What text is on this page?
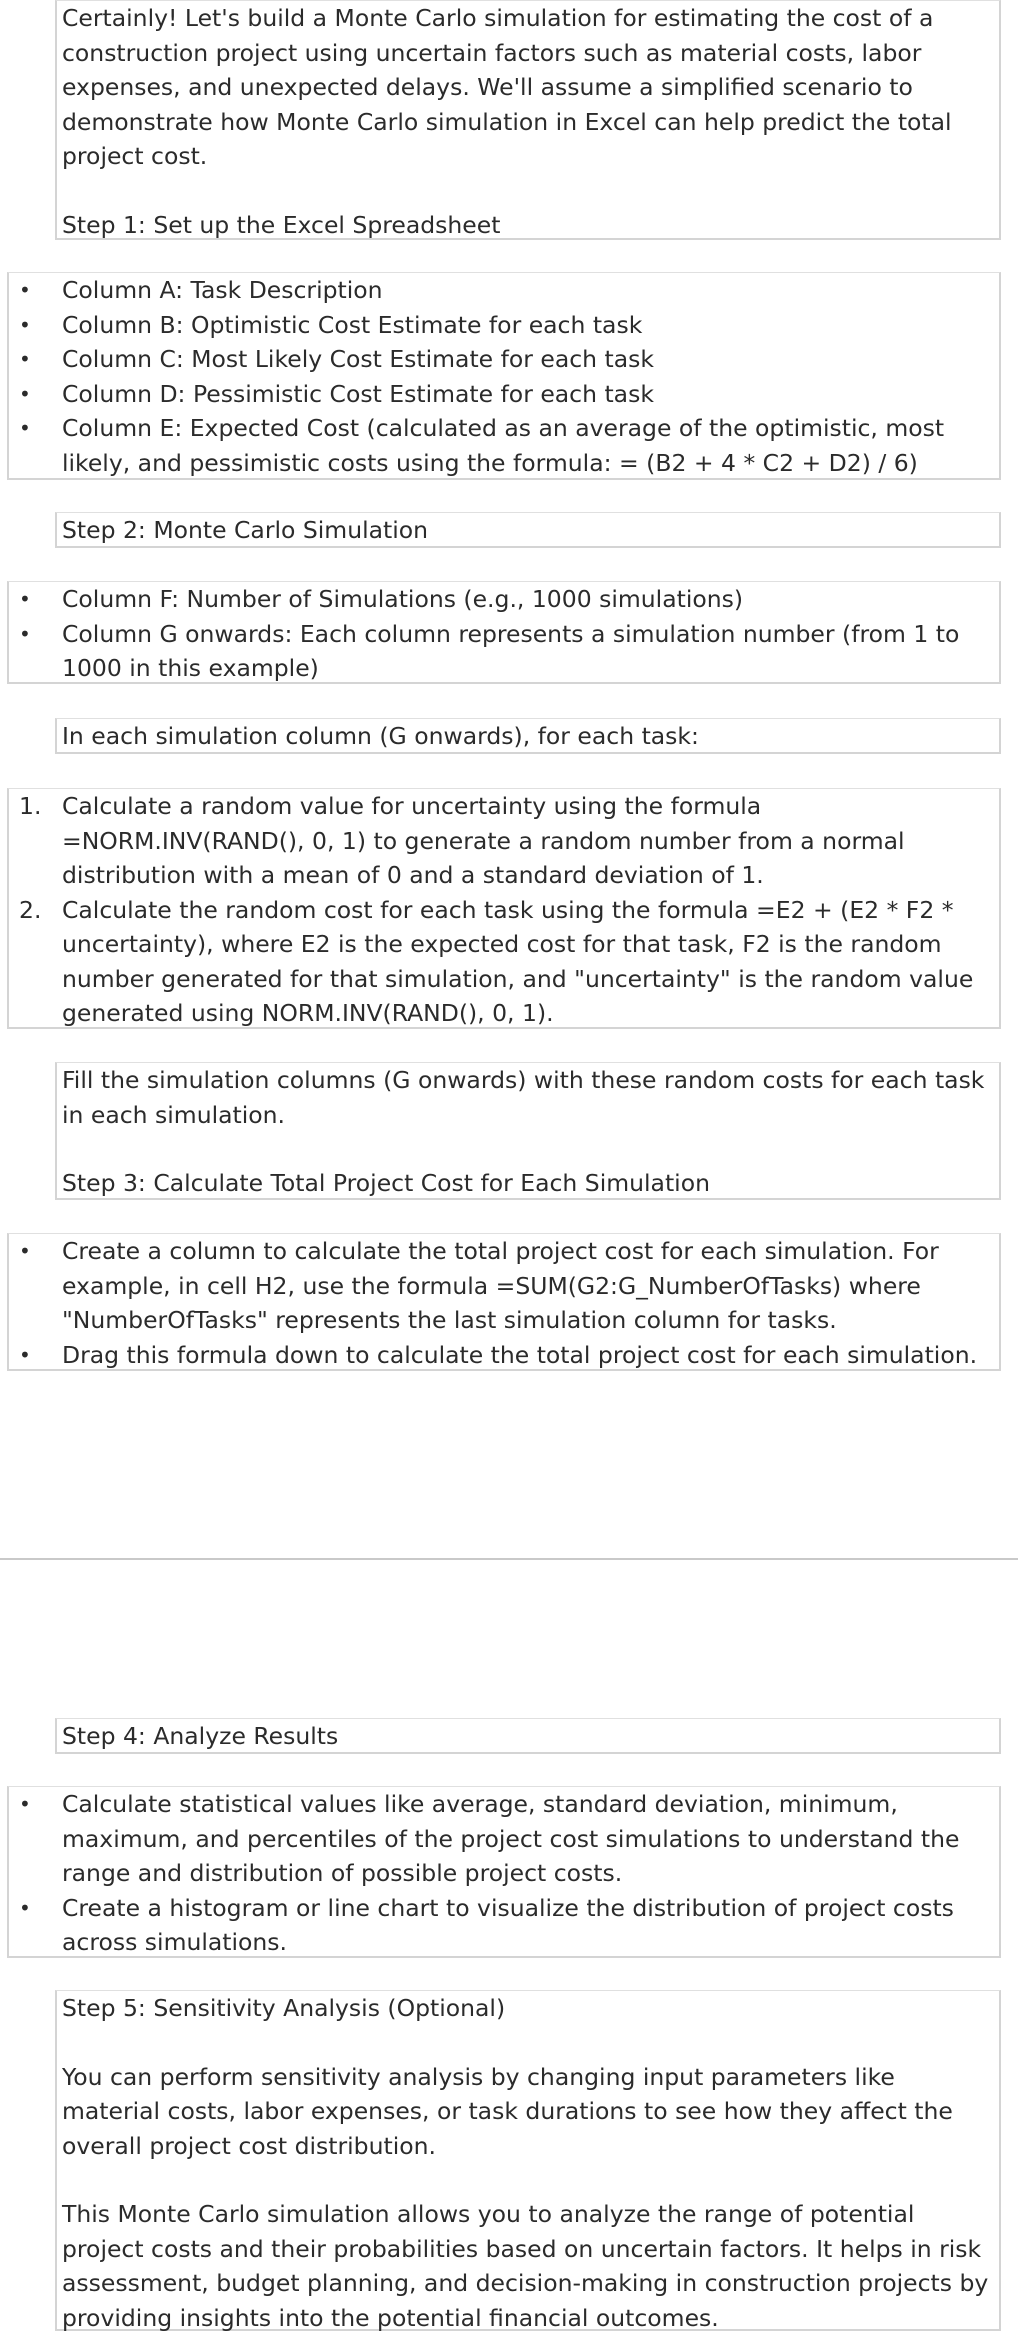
Certainly! Let's build a Monte Carlo simulation for estimating the cost of a construction project using uncertain factors such as material costs, labor expenses, and unexpected delays. We'll assume a simplified scenario to demonstrate how Monte Carlo simulation in Excel can help predict the total project cost.

Step 1: Set up the Excel Spreadsheet

• Column A: Task Description
• Column B: Optimistic Cost Estimate for each task
• Column C: Most Likely Cost Estimate for each task
• Column D: Pessimistic Cost Estimate for each task
• Column E: Expected Cost (calculated as an average of the optimistic, most likely, and pessimistic costs using the formula: = (B2 + 4 * C2 + D2) / 6)

Step 2: Monte Carlo Simulation

• Column F: Number of Simulations (e.g., 1000 simulations)
• Column G onwards: Each column represents a simulation number (from 1 to 1000 in this example)

In each simulation column (G onwards), for each task:

1. Calculate a random value for uncertainty using the formula =NORM.INV(RAND(), 0, 1) to generate a random number from a normal distribution with a mean of 0 and a standard deviation of 1.
2. Calculate the random cost for each task using the formula =E2 + (E2 * F2 * uncertainty), where E2 is the expected cost for that task, F2 is the random number generated for that simulation, and "uncertainty" is the random value generated using NORM.INV(RAND(), 0, 1).

Fill the simulation columns (G onwards) with these random costs for each task in each simulation.

Step 3: Calculate Total Project Cost for Each Simulation

• Create a column to calculate the total project cost for each simulation. For example, in cell H2, use the formula =SUM(G2:G_NumberOfTasks) where "NumberOfTasks" represents the last simulation column for tasks.
• Drag this formula down to calculate the total project cost for each simulation.

Step 4: Analyze Results

• Calculate statistical values like average, standard deviation, minimum, maximum, and percentiles of the project cost simulations to understand the range and distribution of possible project costs.
• Create a histogram or line chart to visualize the distribution of project costs across simulations.

Step 5: Sensitivity Analysis (Optional)

You can perform sensitivity analysis by changing input parameters like material costs, labor expenses, or task durations to see how they affect the overall project cost distribution.

This Monte Carlo simulation allows you to analyze the range of potential project costs and their probabilities based on uncertain factors. It helps in risk assessment, budget planning, and decision-making in construction projects by providing insights into the potential financial outcomes.
